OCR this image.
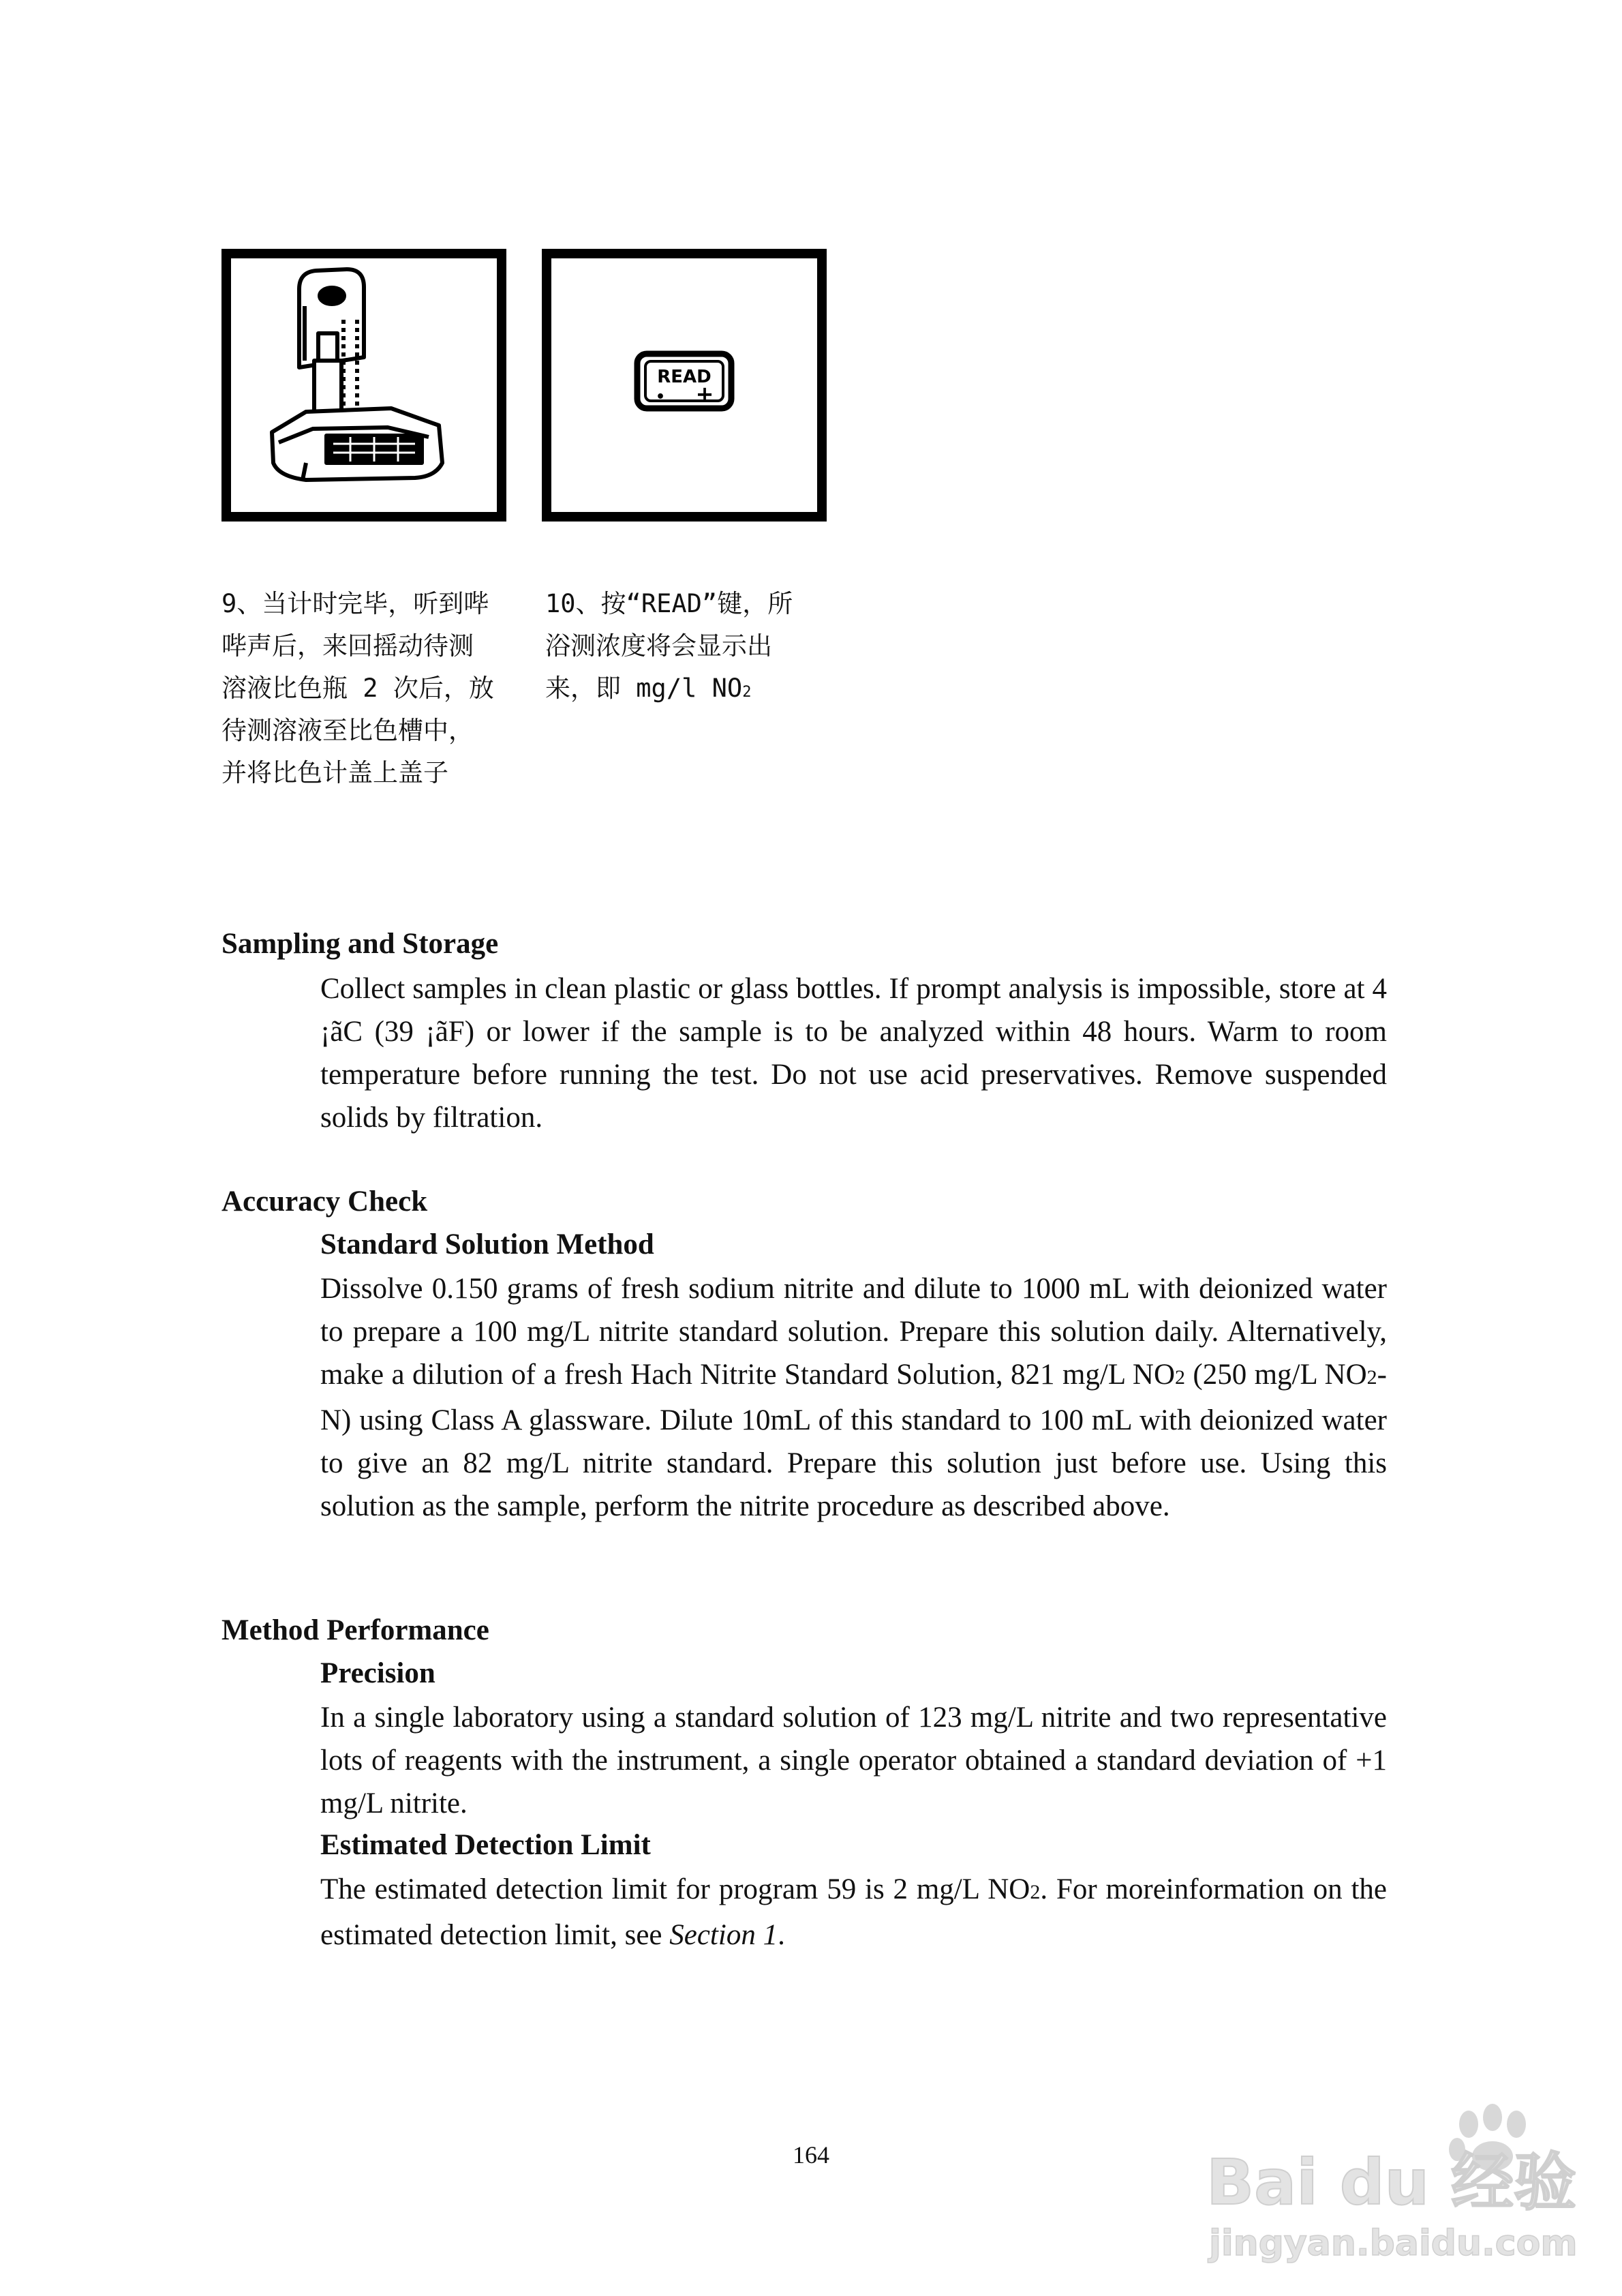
READ
• +
9、当计时完毕，听到哔
哔声后，来回摇动待测
溶液比色瓶 2 次后，放
待测溶液至比色槽中，
并将比色计盖上盖子
10、按“READ”键，所
浴测浓度将会显示出
来，即 mg/l NO2
Sampling and Storage
Collect samples in clean plastic or glass bottles. If prompt analysis is impossible, store at 4 ¡ãC (39 ¡ãF) or lower if the sample is to be analyzed within 48 hours. Warm to room temperature before running the test. Do not use acid preservatives. Remove suspended solids by filtration.
Accuracy Check
Standard Solution Method
Dissolve 0.150 grams of fresh sodium nitrite and dilute to 1000 mL with deionized water to prepare a 100 mg/L nitrite standard solution. Prepare this solution daily. Alternatively, make a dilution of a fresh Hach Nitrite Standard Solution, 821 mg/L NO2 (250 mg/L NO2-N) using Class A glassware. Dilute 10mL of this standard to 100 mL with deionized water to give an 82 mg/L nitrite standard. Prepare this solution just before use. Using this solution as the sample, perform the nitrite procedure as described above.
Method Performance
Precision
In a single laboratory using a standard solution of 123 mg/L nitrite and two representative lots of reagents with the instrument, a single operator obtained a standard deviation of +1 mg/L nitrite.
Estimated Detection Limit
The estimated detection limit for program 59 is 2 mg/L NO2. For moreinformation on the estimated detection limit, see Section 1.
164	Bai du 经验
jingyan.baidu.com
